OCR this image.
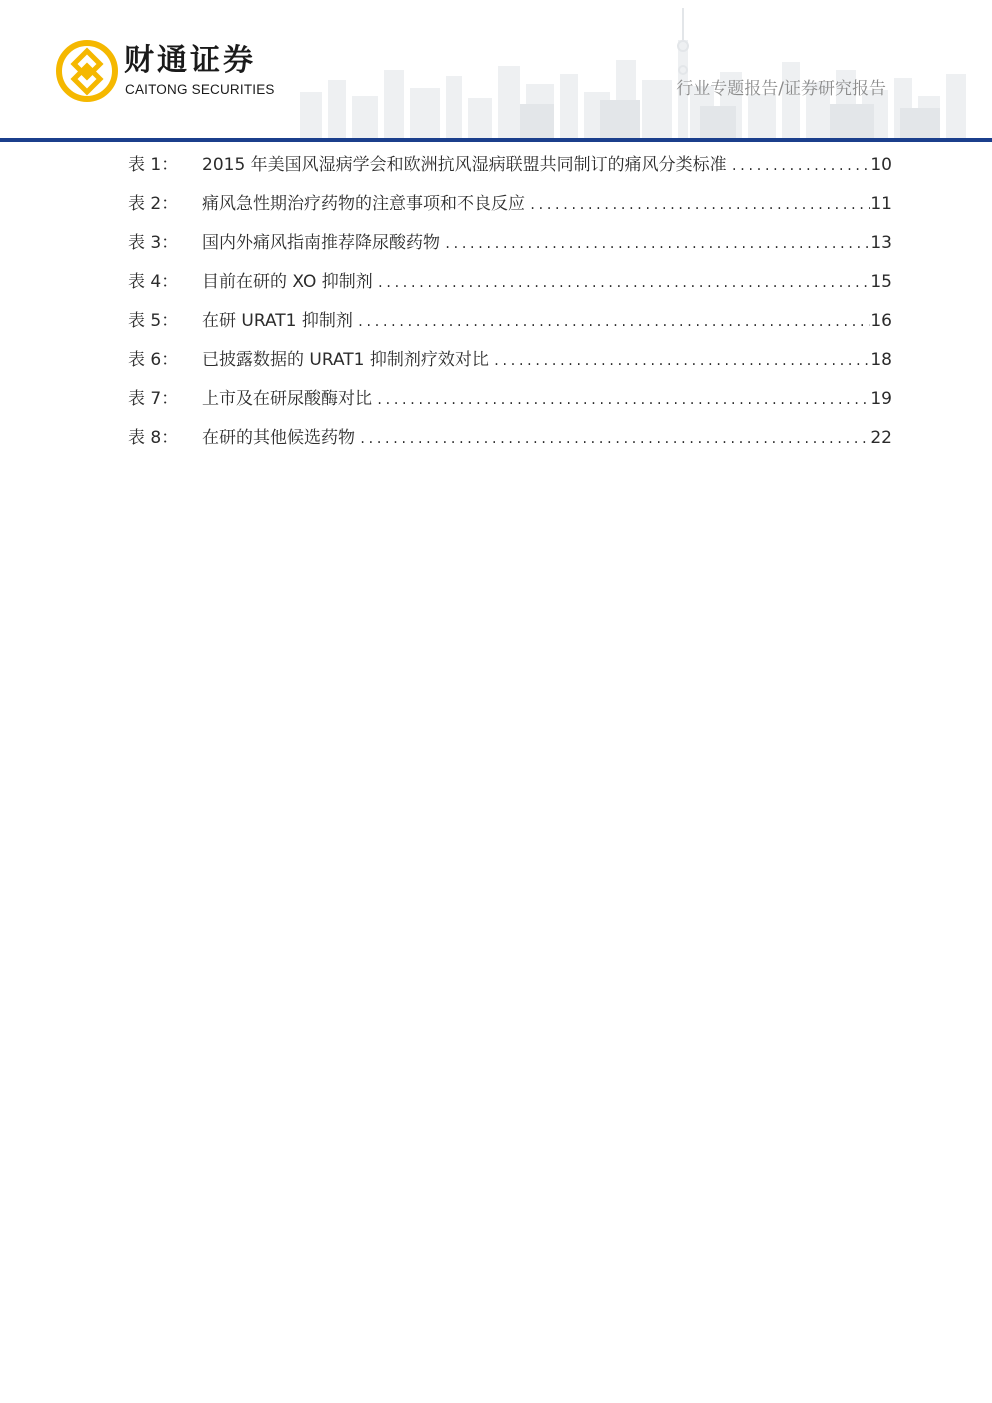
财通证券
CAITONG SECURITIES	行业专题报告/证券研究报告
表 1：	2015 年美国风湿病学会和欧洲抗风湿病联盟共同制订的痛风分类标准 .....	10
表 2：	痛风急性期治疗药物的注意事项和不良反应 .....	11
表 3：	国内外痛风指南推荐降尿酸药物 .....	13
表 4：	目前在研的 XO 抑制剂 .....	15
表 5：	在研 URAT1 抑制剂 .....	16
表 6：	已披露数据的 URAT1 抑制剂疗效对比 .....	18
表 7：	上市及在研尿酸酶对比 .....	19
表 8：	在研的其他候选药物 .....	22
